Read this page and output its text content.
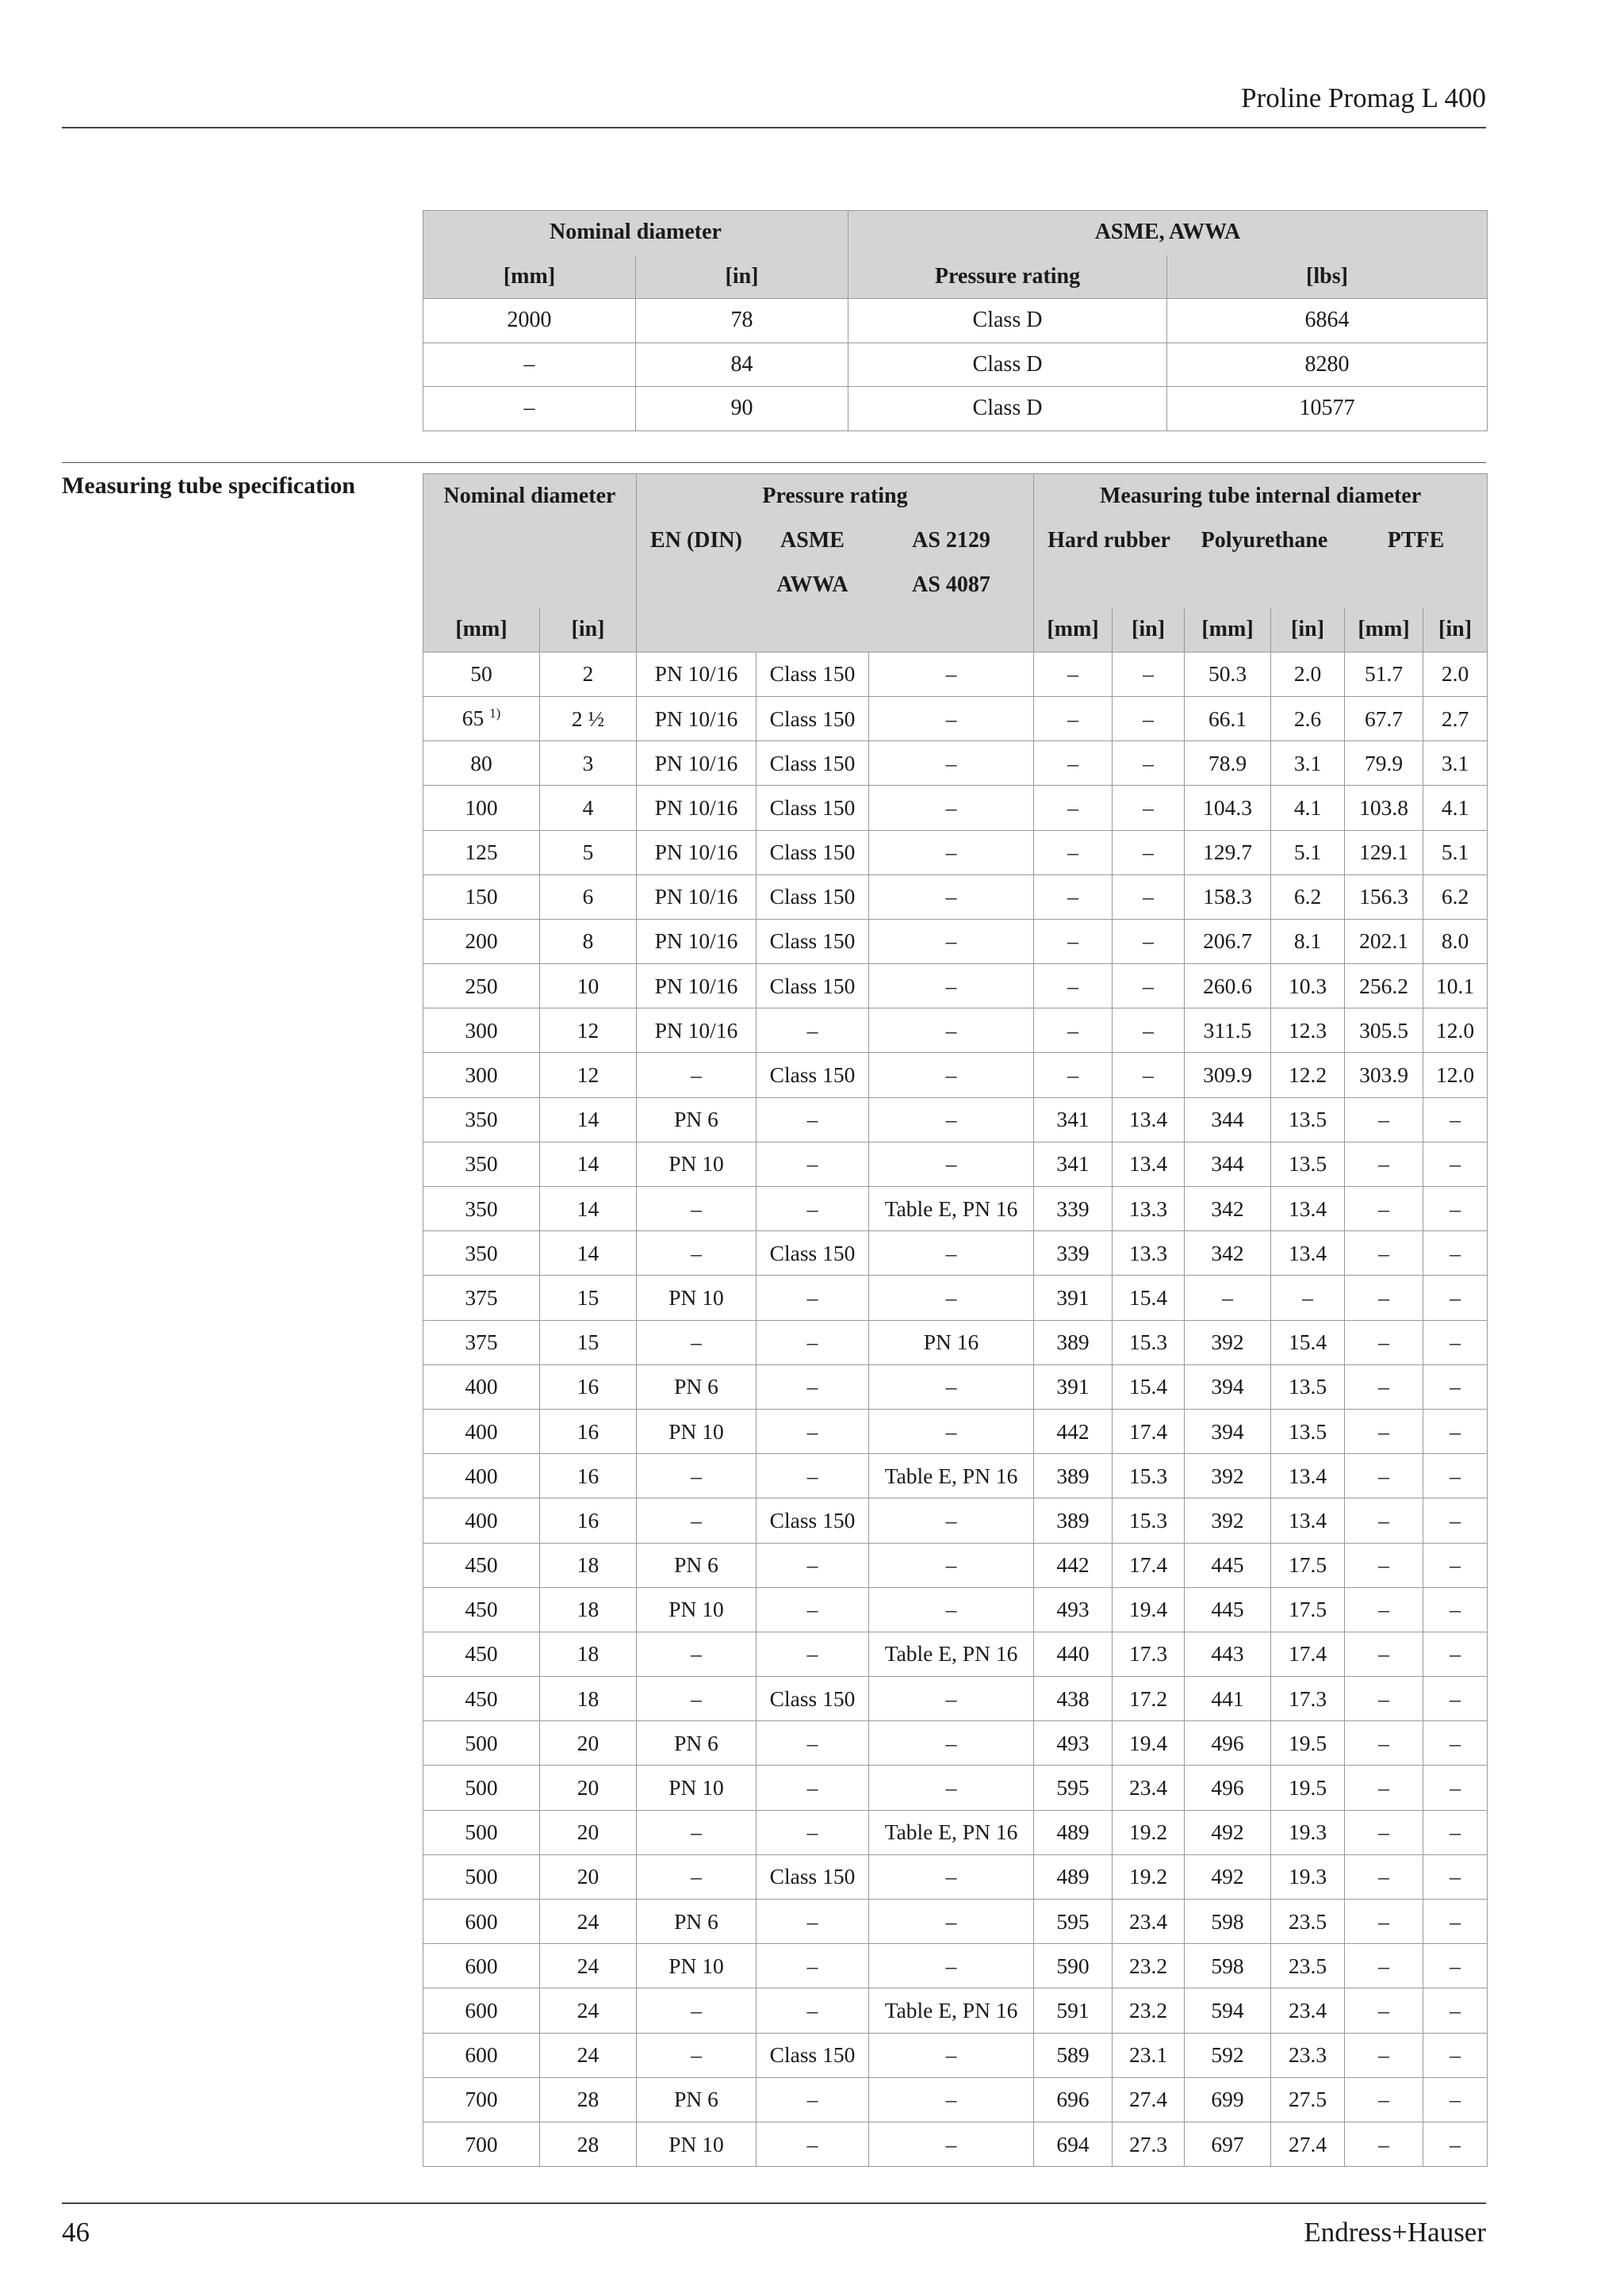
Proline Promag L 400
Nominal diameter		ASME, AWWA	
[mm]	[in]	Pressure rating	[lbs]
2000	78	Class D	6864
–	84	Class D	8280
–	90	Class D	10577
Measuring tube specification	Nominal diameter		Pressure rating			Measuring tube internal diameter					
		EN (DIN)	ASME	AS 2129	Hard rubber		Polyurethane		PTFE	
			AWWA	AS 4087						
[mm]	[in]				[mm]	[in]	[mm]	[in]	[mm]	[in]
50	2	PN 10/16	Class 150	–	–	–	50.3	2.0	51.7	2.0
65 $^{1)}$	2 ½	PN 10/16	Class 150	–	–	–	66.1	2.6	67.7	2.7
80	3	PN 10/16	Class 150	–	–	–	78.9	3.1	79.9	3.1
100	4	PN 10/16	Class 150	–	–	–	104.3	4.1	103.8	4.1
125	5	PN 10/16	Class 150	–	–	–	129.7	5.1	129.1	5.1
150	6	PN 10/16	Class 150	–	–	–	158.3	6.2	156.3	6.2
200	8	PN 10/16	Class 150	–	–	–	206.7	8.1	202.1	8.0
250	10	PN 10/16	Class 150	–	–	–	260.6	10.3	256.2	10.1
300	12	PN 10/16	–	–	–	–	311.5	12.3	305.5	12.0
300	12	–	Class 150	–	–	–	309.9	12.2	303.9	12.0
350	14	PN 6	–	–	341	13.4	344	13.5	–	–
350	14	PN 10	–	–	341	13.4	344	13.5	–	–
350	14	–	–	Table E, PN 16	339	13.3	342	13.4	–	–
350	14	–	Class 150	–	339	13.3	342	13.4	–	–
375	15	PN 10	–	–	391	15.4	–	–	–	–
375	15	–	–	PN 16	389	15.3	392	15.4	–	–
400	16	PN 6	–	–	391	15.4	394	13.5	–	–
400	16	PN 10	–	–	442	17.4	394	13.5	–	–
400	16	–	–	Table E, PN 16	389	15.3	392	13.4	–	–
400	16	–	Class 150	–	389	15.3	392	13.4	–	–
450	18	PN 6	–	–	442	17.4	445	17.5	–	–
450	18	PN 10	–	–	493	19.4	445	17.5	–	–
450	18	–	–	Table E, PN 16	440	17.3	443	17.4	–	–
450	18	–	Class 150	–	438	17.2	441	17.3	–	–
500	20	PN 6	–	–	493	19.4	496	19.5	–	–
500	20	PN 10	–	–	595	23.4	496	19.5	–	–
500	20	–	–	Table E, PN 16	489	19.2	492	19.3	–	–
500	20	–	Class 150	–	489	19.2	492	19.3	–	–
600	24	PN 6	–	–	595	23.4	598	23.5	–	–
600	24	PN 10	–	–	590	23.2	598	23.5	–	–
600	24	–	–	Table E, PN 16	591	23.2	594	23.4	–	–
600	24	–	Class 150	–	589	23.1	592	23.3	–	–
700	28	PN 6	–	–	696	27.4	699	27.5	–	–
700	28	PN 10	–	–	694	27.3	697	27.4	–	–
46	Endress+Hauser
